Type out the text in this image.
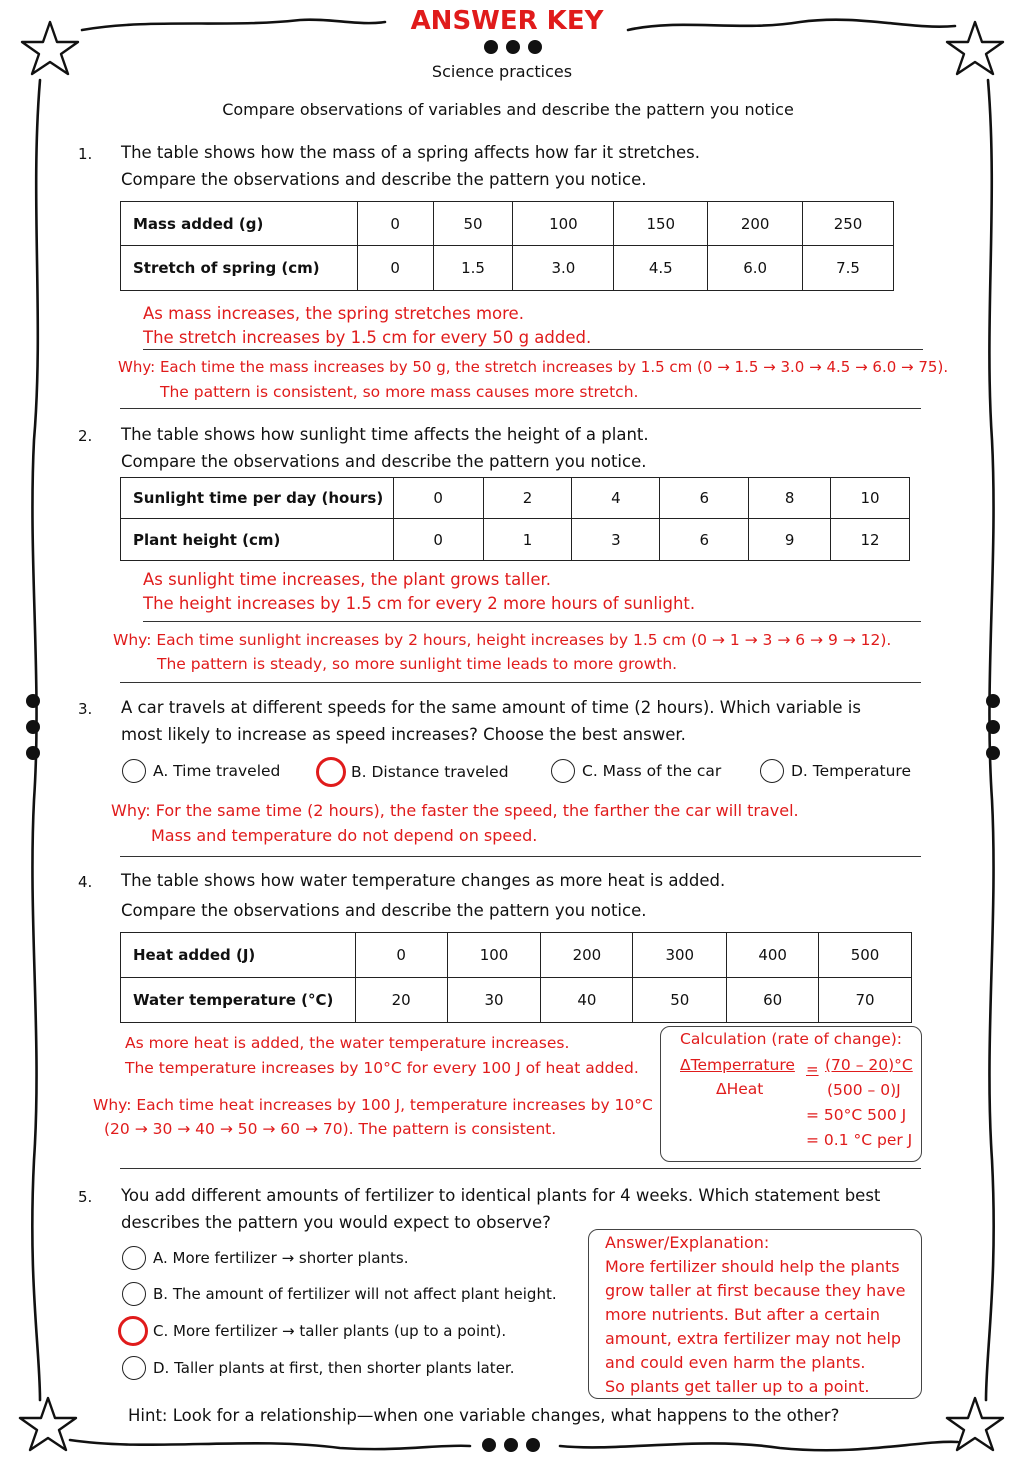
ANSWER KEY
Science practices
Compare observations of variables and describe the pattern you notice
1. The table shows how the mass of a spring affects how far it stretches.
Compare the observations and describe the pattern you notice.
Mass added (g)	0	50	100	150	200	250
Stretch of spring (cm)	0	1.5	3.0	4.5	6.0	7.5
As mass increases, the spring stretches more.
The stretch increases by 1.5 cm for every 50 g added.
Why: Each time the mass increases by 50 g, the stretch increases by 1.5 cm (0 → 1.5 → 3.0 → 4.5 → 6.0 → 75).
The pattern is consistent, so more mass causes more stretch.
2. The table shows how sunlight time affects the height of a plant.
Compare the observations and describe the pattern you notice.
Sunlight time per day (hours)	0	2	4	6	8	10
Plant height (cm)	0	1	3	6	9	12
As sunlight time increases, the plant grows taller.
The height increases by 1.5 cm for every 2 more hours of sunlight.
Why: Each time sunlight increases by 2 hours, height increases by 1.5 cm (0 → 1 → 3 → 6 → 9 → 12).
The pattern is steady, so more sunlight time leads to more growth.
3. A car travels at different speeds for the same amount of time (2 hours). Which variable is
most likely to increase as speed increases? Choose the best answer.
A. Time traveled	B. Distance traveled	C. Mass of the car	D. Temperature
Why: For the same time (2 hours), the faster the speed, the farther the car will travel.
Mass and temperature do not depend on speed.
4. The table shows how water temperature changes as more heat is added.
Compare the observations and describe the pattern you notice.
Heat added (J)	0	100	200	300	400	500
Water temperature (°C)	20	30	40	50	60	70
As more heat is added, the water temperature increases.
The temperature increases by 10°C for every 100 J of heat added.
Why: Each time heat increases by 100 J, temperature increases by 10°C
(20 → 30 → 40 → 50 → 60 → 70). The pattern is consistent.
Calculation (rate of change):
ΔTemperrature = (70 – 20)°C
ΔHeat	(500 – 0)J
= 50°C 500 J
= 0.1 °C per J
5. You add different amounts of fertilizer to identical plants for 4 weeks. Which statement best
describes the pattern you would expect to observe?
A. More fertilizer → shorter plants.
B. The amount of fertilizer will not affect plant height.
C. More fertilizer → taller plants (up to a point).
D. Taller plants at first, then shorter plants later.
Answer/Explanation:
More fertilizer should help the plants
grow taller at first because they have
more nutrients. But after a certain
amount, extra fertilizer may not help
and could even harm the plants.
So plants get taller up to a point.
Hint: Look for a relationship—when one variable changes, what happens to the other?
